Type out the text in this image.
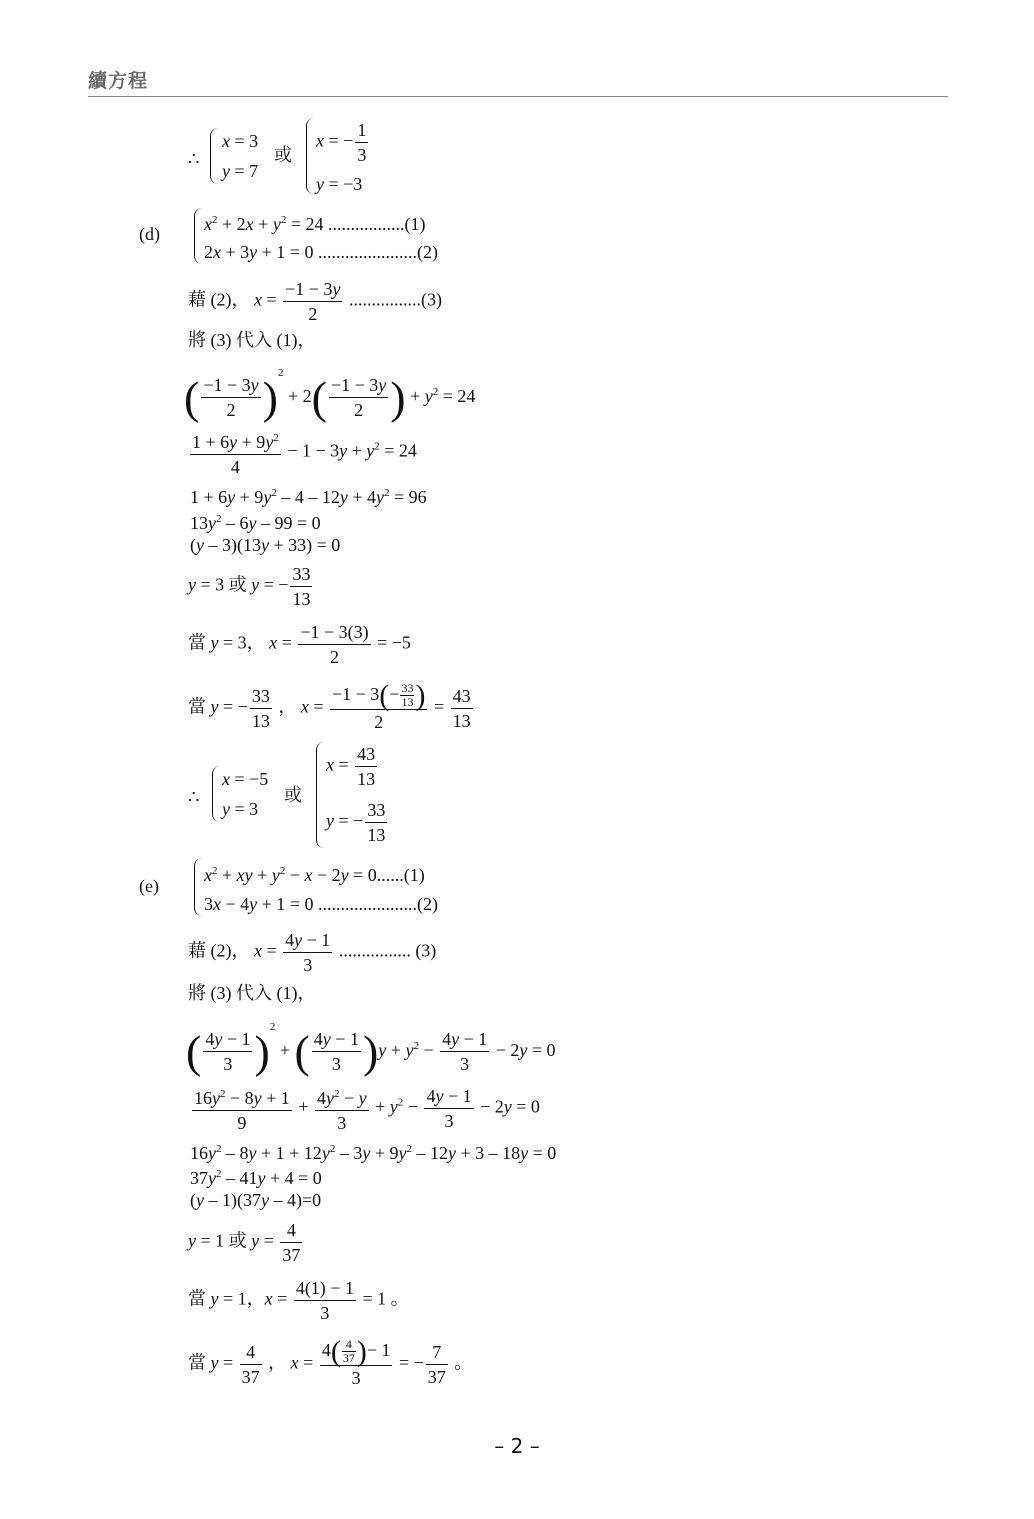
續方程
∴
x = 3
y = 7
或
x = − $\frac{1}{3}$
y = −3
(d) $x^2 + 2x + y^2 = 24$ .................(1)
2x + 3y + 1 = 0 ......................(2)
藉 (2)， $x = \frac{-1 - 3y}{2} ................(3)$
將 (3) 代入 (1)，
( $\frac{-1 - 3y}{2} )^2 + 2( \frac{-1 - 3y}{2}$ ) + $y^2 = 24$
$\frac{1 + 6y + 9y^2}{4} - 1 - 3y + y^2 = 24$
$1 + 6y + 9y^2 - 4 - 12y + 4y^2 = 96$
$13y^2 - 6y - 99 = 0$
(y – 3)(13y + 33) = 0
y = 3 或 y = − $\frac{33}{13}$
當 y = 3， $x = \frac{-1 - 3(3)}{2} = -5$
當 y = − $\frac{33}{13}$ ， $x = \frac{-1 - 3(- \frac{33}{13} )}{2} = \frac{43}{13}$
∴
x = −5
y = 3
或
$x = \frac{43}{13}$
y = − $\frac{33}{13}$
(e)
$x^2$ + xy + $y^2 - x - 2y = 0......(1)$
3x − 4y + 1 = 0 ......................(2)
藉 (2)， $x = \frac{4y - 1}{3}$ ................ (3)
將 (3) 代入 (1)，
( $\frac{4y - 1}{3} )^2$ + ( $\frac{4y - 1}{3} )y + y^2 - \frac{4y - 1}{3} - 2y = 0$
$\frac{16y^2 - 8y + 1}{9} + \frac{4y^2 - y}{3} + y^2 - \frac{4y - 1}{3} - 2y = 0$
$16y^2 - 8y + 1 + 12y^2 - 3y + 9y^2 - 12y + 3 - 18y = 0$
$37y^2 - 41y + 4 = 0$
(y – 1)(37y – 4)=0
y = 1 或 $y = \frac{4}{37}$
當 y = 1，$x = \frac{4(1) - 1}{3} = 1$ 。
當 $y = \frac{4}{37}$ ， $x = \frac{4( \frac{4}{37} )- 1}{3}$ = − $\frac{7}{37}$ 。
– 2 –
